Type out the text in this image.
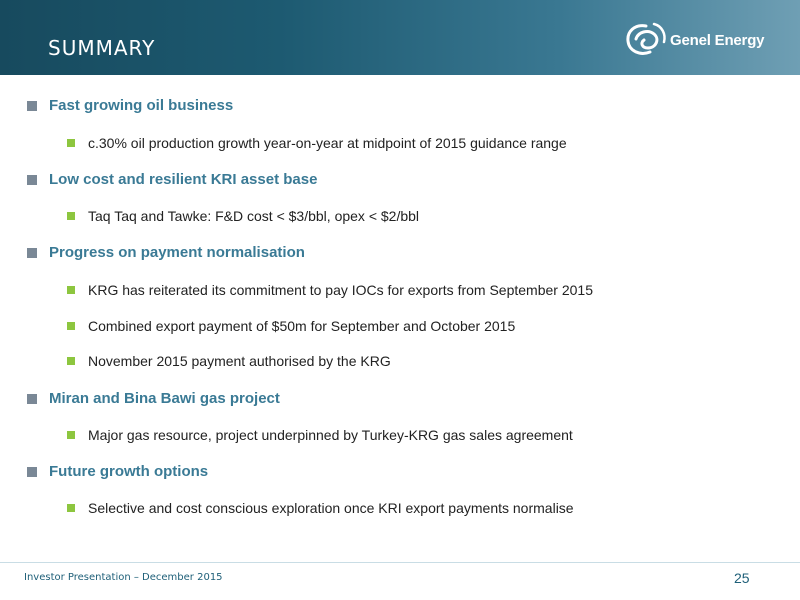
SUMMARY	Genel Energy
Fast growing oil business
c.30% oil production growth year-on-year at midpoint of 2015 guidance range
Low cost and resilient KRI asset base
Taq Taq and Tawke: F&D cost < $3/bbl, opex < $2/bbl
Progress on payment normalisation
KRG has reiterated its commitment to pay IOCs for exports from September 2015
Combined export payment of $50m for September and October 2015
November 2015 payment authorised by the KRG
Miran and Bina Bawi gas project
Major gas resource, project underpinned by Turkey-KRG gas sales agreement
Future growth options
Selective and cost conscious exploration once KRI export payments normalise
Investor Presentation – December 2015	25
